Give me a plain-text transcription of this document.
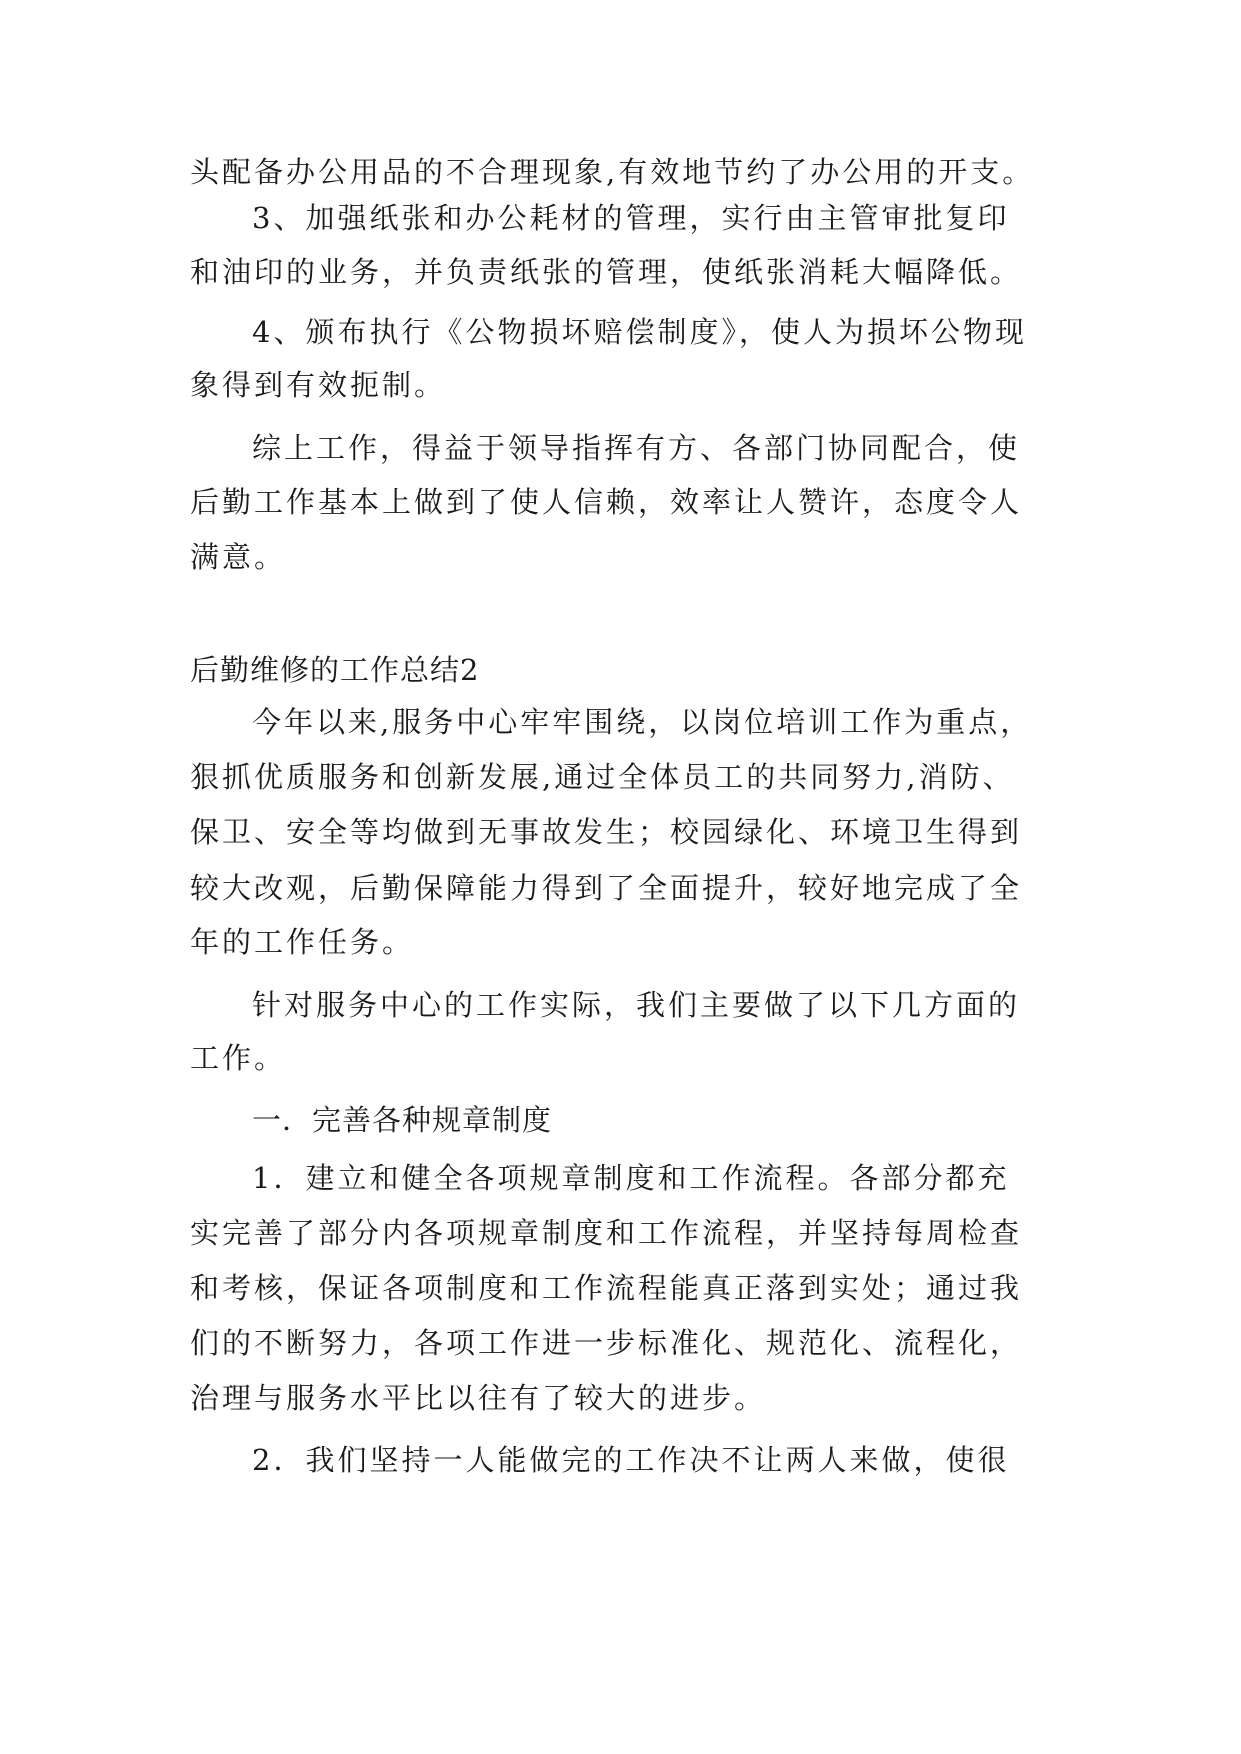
头配备办公用品的不合理现象,有效地节约了办公用的开支。
3、加强纸张和办公耗材的管理，实行由主管审批复印
和油印的业务，并负责纸张的管理，使纸张消耗大幅降低。
4、颁布执行《公物损坏赔偿制度》，使人为损坏公物现
象得到有效扼制。
综上工作，得益于领导指挥有方、各部门协同配合，使
后勤工作基本上做到了使人信赖，效率让人赞许，态度令人
满意。
后勤维修的工作总结2
今年以来,服务中心牢牢围绕，以岗位培训工作为重点，
狠抓优质服务和创新发展,通过全体员工的共同努力,消防、
保卫、安全等均做到无事故发生；校园绿化、环境卫生得到
较大改观，后勤保障能力得到了全面提升，较好地完成了全
年的工作任务。
针对服务中心的工作实际，我们主要做了以下几方面的
工作。
一．完善各种规章制度
1．建立和健全各项规章制度和工作流程。各部分都充
实完善了部分内各项规章制度和工作流程，并坚持每周检查
和考核，保证各项制度和工作流程能真正落到实处；通过我
们的不断努力，各项工作进一步标准化、规范化、流程化，
治理与服务水平比以往有了较大的进步。
2．我们坚持一人能做完的工作决不让两人来做，使很
